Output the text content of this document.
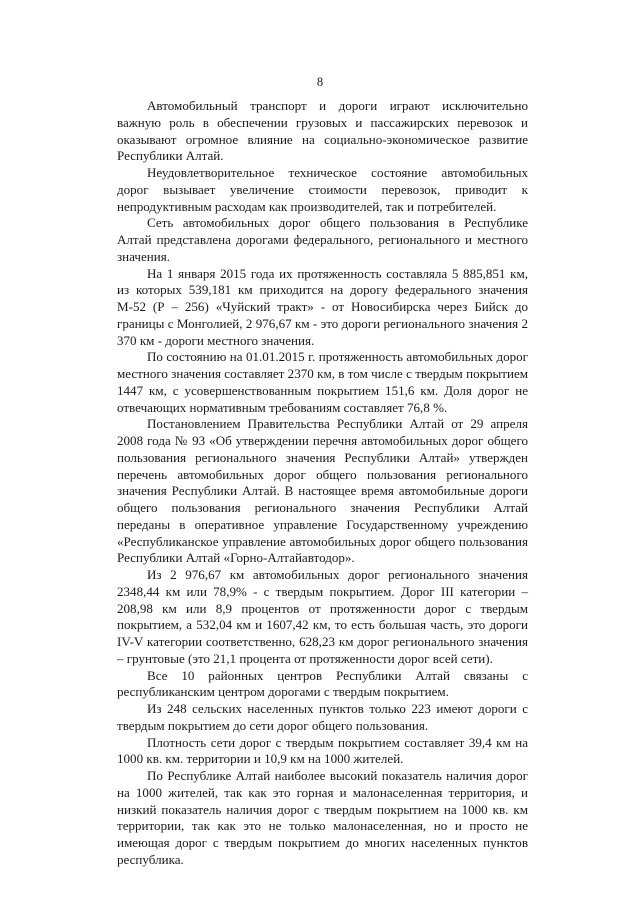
8

Автомобильный транспорт и дороги играют исключительно важную роль в обеспечении грузовых и пассажирских перевозок и оказывают огромное влияние на социально-экономическое развитие Республики Алтай.

Неудовлетворительное техническое состояние автомобильных дорог вызывает увеличение стоимости перевозок, приводит к непродуктивным расходам как производителей, так и потребителей.

Сеть автомобильных дорог общего пользования в Республике Алтай представлена дорогами федерального, регионального и местного значения.

На 1 января 2015 года их протяженность составляла 5 885,851 км, из которых 539,181 км приходится на дорогу федерального значения М-52 (Р – 256) «Чуйский тракт» - от Новосибирска через Бийск до границы с Монголией, 2 976,67 км - это дороги регионального значения 2 370 км - дороги местного значения.

По состоянию на 01.01.2015 г. протяженность автомобильных дорог местного значения составляет 2370 км, в том числе с твердым покрытием 1447 км, с усовершенствованным покрытием 151,6 км. Доля дорог не отвечающих нормативным требованиям составляет 76,8 %.

Постановлением Правительства Республики Алтай от 29 апреля 2008 года № 93 «Об утверждении перечня автомобильных дорог общего пользования регионального значения Республики Алтай» утвержден перечень автомобильных дорог общего пользования регионального значения Республики Алтай. В настоящее время автомобильные дороги общего пользования регионального значения Республики Алтай переданы в оперативное управление Государственному учреждению «Республиканское управление автомобильных дорог общего пользования Республики Алтай «Горно-Алтайавтодор».

Из 2 976,67 км автомобильных дорог регионального значения 2348,44 км или 78,9% - с твердым покрытием. Дорог III категории – 208,98 км или 8,9 процентов от протяженности дорог с твердым покрытием, а 532,04 км и 1607,42 км, то есть большая часть, это дороги IV-V категории соответственно, 628,23 км дорог регионального значения – грунтовые (это 21,1 процента от протяженности дорог всей сети).

Все 10 районных центров Республики Алтай связаны с республиканским центром дорогами с твердым покрытием.

Из 248 сельских населенных пунктов только 223 имеют дороги с твердым покрытием до сети дорог общего пользования.

Плотность сети дорог с твердым покрытием составляет 39,4 км на 1000 кв. км. территории и 10,9 км на 1000 жителей.

По Республике Алтай наиболее высокий показатель наличия дорог на 1000 жителей, так как это горная и малонаселенная территория, и низкий показатель наличия дорог с твердым покрытием на 1000 кв. км территории, так как это не только малонаселенная, но и просто не имеющая дорог с твердым покрытием до многих населенных пунктов республика.
